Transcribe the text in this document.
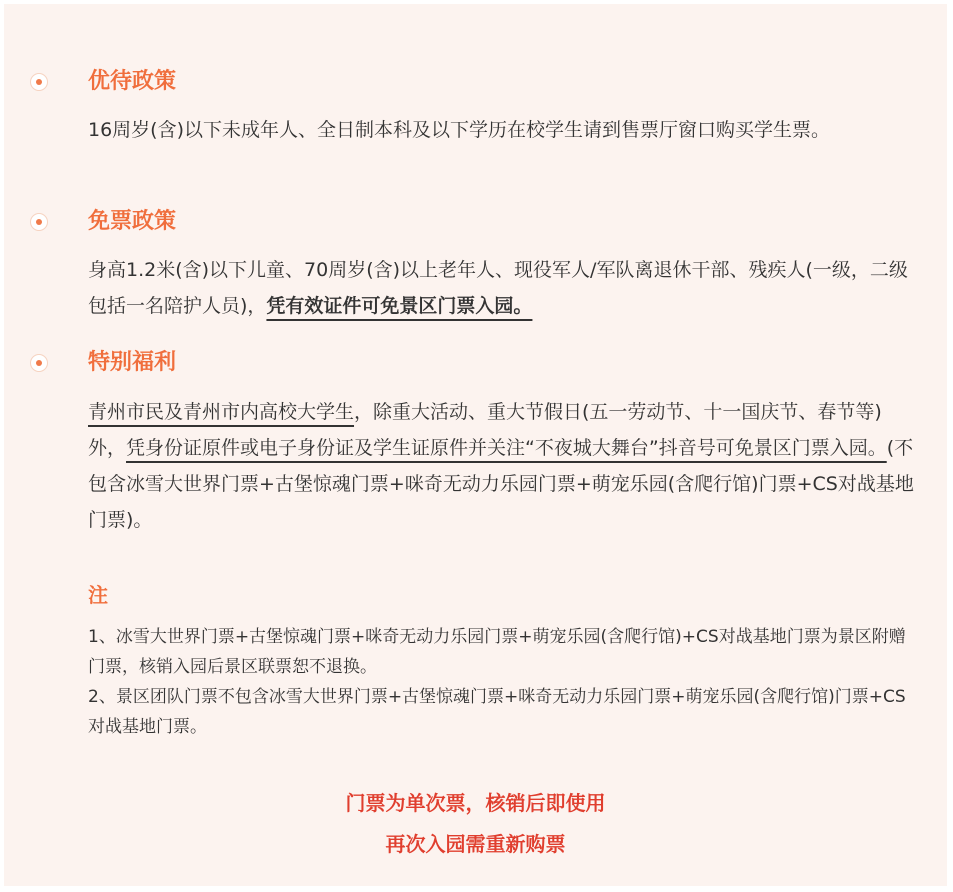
优待政策
16周岁(含)以下未成年人、全日制本科及以下学历在校学生请到售票厅窗口购买学生票。
免票政策
身高1.2米(含)以下儿童、70周岁(含)以上老年人、现役军人/军队离退休干部、残疾人(一级，二级包括一名陪护人员)，凭有效证件可免景区门票入园。
特别福利
青州市民及青州市内高校大学生，除重大活动、重大节假日(五一劳动节、十一国庆节、春节等)外，凭身份证原件或电子身份证及学生证原件并关注“不夜城大舞台”抖音号可免景区门票入园。(不包含冰雪大世界门票+古堡惊魂门票+咪奇无动力乐园门票+萌宠乐园(含爬行馆)门票+CS对战基地门票)。
注

1、冰雪大世界门票+古堡惊魂门票+咪奇无动力乐园门票+萌宠乐园(含爬行馆)+CS对战基地门票为景区附赠门票，核销入园后景区联票恕不退换。

2、景区团队门票不包含冰雪大世界门票+古堡惊魂门票+咪奇无动力乐园门票+萌宠乐园(含爬行馆)门票+CS对战基地门票。

门票为单次票，核销后即使用
再次入园需重新购票
